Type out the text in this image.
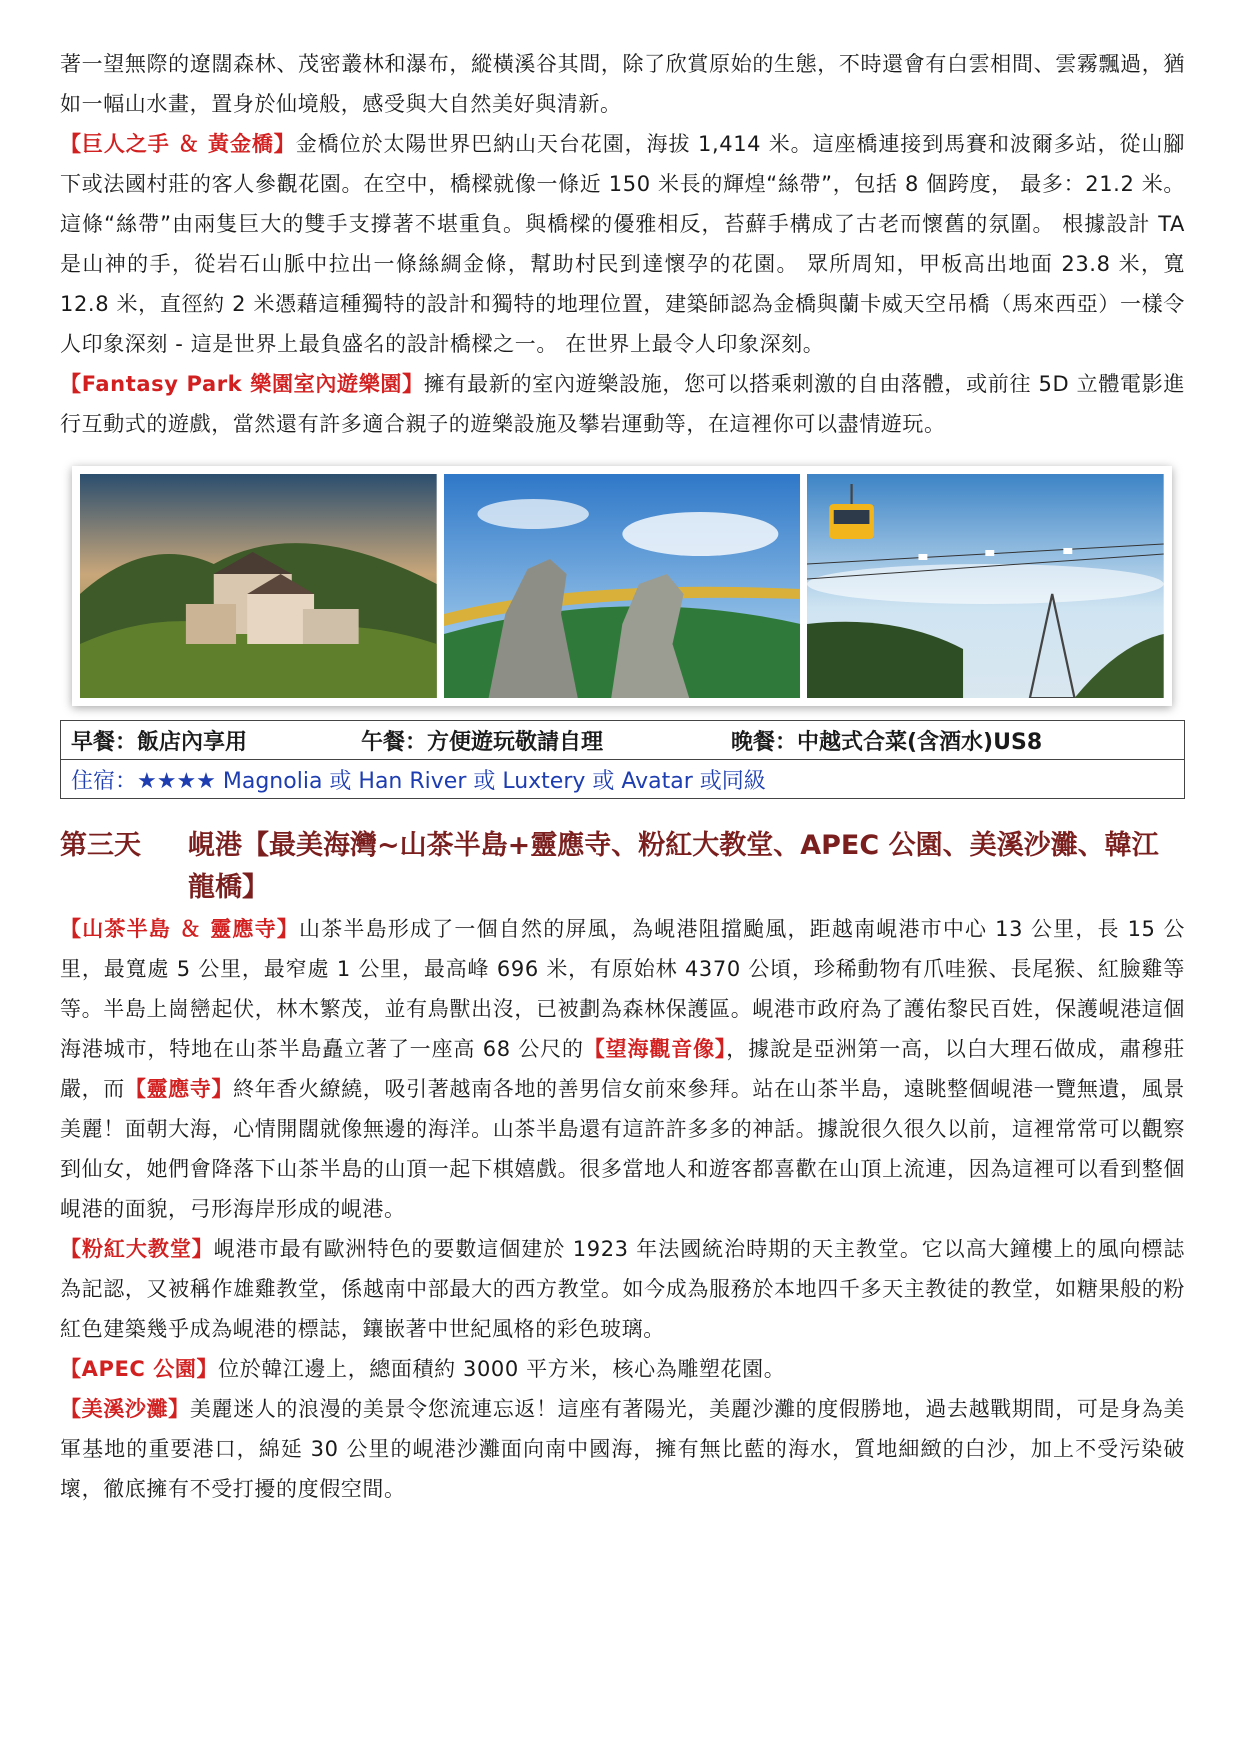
著一望無際的遼闊森林、茂密叢林和瀑布，縱橫溪谷其間，除了欣賞原始的生態，不時還會有白雲相間、雲霧飄過，猶如一幅山水畫，置身於仙境般，感受與大自然美好與清新。

【巨人之手 ＆ 黃金橋】金橋位於太陽世界巴納山天台花園，海拔 1,414 米。這座橋連接到馬賽和波爾多站，從山腳下或法國村莊的客人參觀花園。在空中，橋樑就像一條近 150 米長的輝煌“絲帶”，包括 8 個跨度， 最多：21.2 米。這條“絲帶”由兩隻巨大的雙手支撐著不堪重負。與橋樑的優雅相反，苔蘚手構成了古老而懷舊的氛圍。 根據設計 TA 是山神的手，從岩石山脈中拉出一條絲綢金條，幫助村民到達懷孕的花園。 眾所周知，甲板高出地面 23.8 米，寬 12.8 米，直徑約 2 米憑藉這種獨特的設計和獨特的地理位置，建築師認為金橋與蘭卡威天空吊橋（馬來西亞）一樣令人印象深刻 - 這是世界上最負盛名的設計橋樑之一。 在世界上最令人印象深刻。

【Fantasy Park 樂園室內遊樂園】擁有最新的室內遊樂設施，您可以搭乘刺激的自由落體，或前往 5D 立體電影進行互動式的遊戲，當然還有許多適合親子的遊樂設施及攀岩運動等，在這裡你可以盡情遊玩。

早餐：飯店內享用	午餐：方便遊玩敬請自理	晚餐：中越式合菜(含酒水)US8
住宿：★★★★ Magnolia 或 Han River 或 Luxtery 或 Avatar 或同級
第三天	峴港【最美海灣~山茶半島+靈應寺、粉紅大教堂、APEC 公園、美溪沙灘、韓江龍橋】

【山茶半島 ＆ 靈應寺】山茶半島形成了一個自然的屏風，為峴港阻擋颱風，距越南峴港市中心 13 公里，長 15 公里，最寬處 5 公里，最窄處 1 公里，最高峰 696 米，有原始林 4370 公頃，珍稀動物有爪哇猴、長尾猴、紅臉雞等等。半島上崗巒起伏，林木繁茂，並有鳥獸出沒，已被劃為森林保護區。峴港市政府為了護佑黎民百姓，保護峴港這個海港城市，特地在山茶半島矗立著了一座高 68 公尺的【望海觀音像】，據說是亞洲第一高，以白大理石做成，肅穆莊嚴，而【靈應寺】終年香火繚繞，吸引著越南各地的善男信女前來參拜。站在山茶半島，遠眺整個峴港一覽無遺，風景美麗！面朝大海，心情開闊就像無邊的海洋。山茶半島還有這許許多多的神話。據說很久很久以前，這裡常常可以觀察到仙女，她們會降落下山茶半島的山頂一起下棋嬉戲。很多當地人和遊客都喜歡在山頂上流連，因為這裡可以看到整個峴港的面貌，弓形海岸形成的峴港。

【粉紅大教堂】峴港市最有歐洲特色的要數這個建於 1923 年法國統治時期的天主教堂。它以高大鐘樓上的風向標誌為記認，又被稱作雄雞教堂，係越南中部最大的西方教堂。如今成為服務於本地四千多天主教徒的教堂，如糖果般的粉紅色建築幾乎成為峴港的標誌，鑲嵌著中世紀風格的彩色玻璃。

【APEC 公園】位於韓江邊上，總面積約 3000 平方米，核心為雕塑花園。

【美溪沙灘】美麗迷人的浪漫的美景令您流連忘返！這座有著陽光，美麗沙灘的度假勝地，過去越戰期間，可是身為美軍基地的重要港口，綿延 30 公里的峴港沙灘面向南中國海，擁有無比藍的海水，質地細緻的白沙，加上不受污染破壞，徹底擁有不受打擾的度假空間。
